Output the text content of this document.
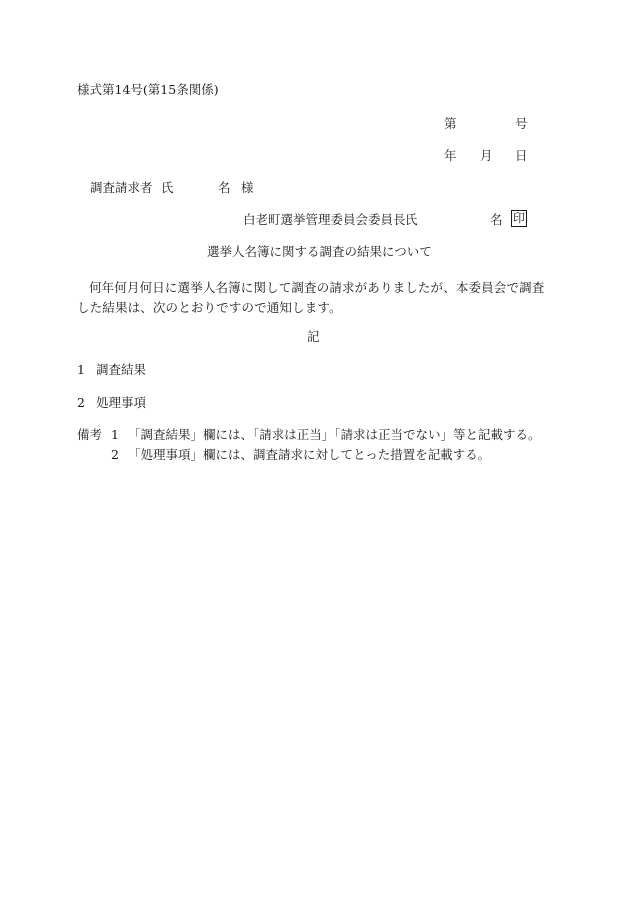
様式第14号(第15条関係)
第	号
年 月 日
調査請求者 氏	名 様
白老町選挙管理委員会委員長 氏	名 印
選挙人名簿に関する調査の結果について
何年何月何日に選挙人名簿に関して調査の請求がありましたが、本委員会で調査した結果は、次のとおりですので通知します。
記
1 調査結果
2 処理事項
備考 1 「調査結果」欄には、「請求は正当」「請求は正当でない」等と記載する。
2 「処理事項」欄には、調査請求に対してとった措置を記載する。
